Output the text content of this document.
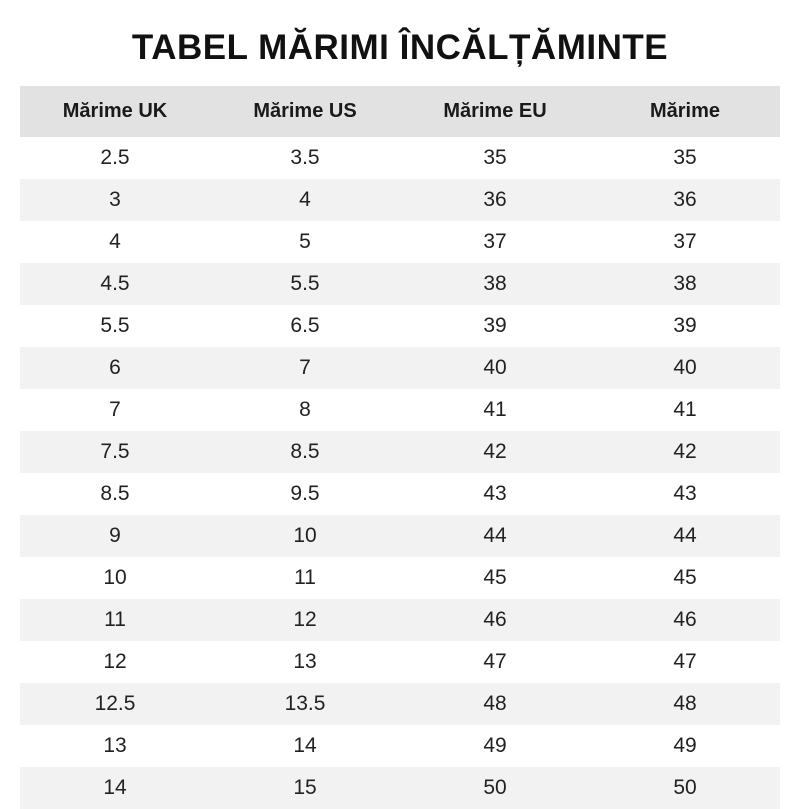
TABEL MĂRIMI ÎNCĂLȚĂMINTE
Mărime UK	Mărime US	Mărime EU	Mărime
2.5	3.5	35	35
3	4	36	36
4	5	37	37
4.5	5.5	38	38
5.5	6.5	39	39
6	7	40	40
7	8	41	41
7.5	8.5	42	42
8.5	9.5	43	43
9	10	44	44
10	11	45	45
11	12	46	46
12	13	47	47
12.5	13.5	48	48
13	14	49	49
14	15	50	50
